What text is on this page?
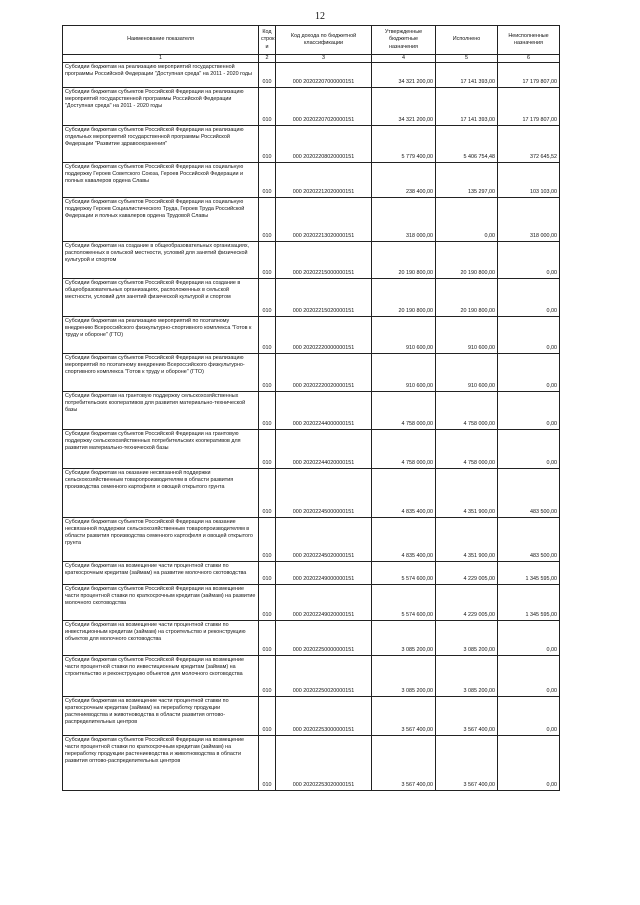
12
Наименование показателя	Код строк и	Код дохода по бюджетной классификации	Утвержденные бюджетные назначения	Исполнено	Неисполненные назначения
1	2	3	4	5	6
Субсидии бюджетам на реализацию мероприятий государственной программы Российской Федерации "Доступная среда" на 2011 - 2020 годы	010	000 20202207000000151	34 321 200,00	17 141 393,00	17 179 807,00
Субсидии бюджетам субъектов Российской Федерации на реализацию мероприятий государственной программы Российской Федерации "Доступная среда" на 2011 - 2020 годы	010	000 20202207020000151	34 321 200,00	17 141 393,00	17 179 807,00
Субсидии бюджетам субъектов Российской Федерации на реализацию отдельных мероприятий государственной программы Российской Федерации "Развитие здравоохранения"	010	000 20202208020000151	5 779 400,00	5 406 754,48	372 645,52
Субсидии бюджетам субъектов Российской Федерации на социальную поддержку Героев Советского Союза, Героев Российской Федерации и полных кавалеров ордена Славы	010	000 20202212020000151	238 400,00	135 297,00	103 103,00
Субсидии бюджетам субъектов Российской Федерации на социальную поддержку Героев Социалистического Труда, Героев Труда Российской Федерации и полных кавалеров ордена Трудовой Славы	010	000 20202213020000151	318 000,00	0,00	318 000,00
Субсидии бюджетам на создание в общеобразовательных организациях, расположенных в сельской местности, условий для занятий физической культурой и спортом	010	000 20202215000000151	20 190 800,00	20 190 800,00	0,00
Субсидии бюджетам субъектов Российской Федерации на создание в общеобразовательных организациях, расположенных в сельской местности, условий для занятий физической культурой и спортом	010	000 20202215020000151	20 190 800,00	20 190 800,00	0,00
Субсидии бюджетам на реализацию мероприятий по поэтапному внедрению Всероссийского физкультурно-спортивного комплекса "Готов к труду и обороне" (ГТО)	010	000 20202220000000151	910 600,00	910 600,00	0,00
Субсидии бюджетам субъектов Российской Федерации на реализацию мероприятий по поэтапному внедрению Всероссийского физкультурно-спортивного комплекса "Готов к труду и обороне" (ГТО)	010	000 20202220020000151	910 600,00	910 600,00	0,00
Субсидии бюджетам на грантовую поддержку сельскохозяйственных потребительских кооперативов для развития материально-технической базы	010	000 20202244000000151	4 758 000,00	4 758 000,00	0,00
Субсидии бюджетам субъектов Российской Федерации на грантовую поддержку сельскохозяйственных потребительских кооперативов для развития материально-технической базы	010	000 20202244020000151	4 758 000,00	4 758 000,00	0,00
Субсидии бюджетам на оказание несвязанной поддержки сельскохозяйственным товаропроизводителям в области развития производства семенного картофеля и овощей открытого грунта	010	000 20202245000000151	4 835 400,00	4 351 900,00	483 500,00
Субсидии бюджетам субъектов Российской Федерации на оказание несвязанной поддержки сельскохозяйственным товаропроизводителям в области развития производства семенного картофеля и овощей открытого грунта	010	000 20202245020000151	4 835 400,00	4 351 900,00	483 500,00
Субсидии бюджетам на возмещение части процентной ставки по краткосрочным кредитам (займам) на развитие молочного скотоводства	010	000 20202249000000151	5 574 600,00	4 229 005,00	1 345 595,00
Субсидии бюджетам субъектов Российской Федерации на возмещение части процентной ставки по краткосрочным кредитам (займам) на развитие молочного скотоводства	010	000 20202249020000151	5 574 600,00	4 229 005,00	1 345 595,00
Субсидии бюджетам на возмещение части процентной ставки по инвестиционным кредитам (займам) на строительство и реконструкцию объектов для молочного скотоводства	010	000 20202250000000151	3 085 200,00	3 085 200,00	0,00
Субсидии бюджетам субъектов Российской Федерации на возмещение части процентной ставки по инвестиционным кредитам (займам) на строительство и реконструкцию объектов для молочного скотоводства	010	000 20202250020000151	3 085 200,00	3 085 200,00	0,00
Субсидии бюджетам на возмещение части процентной ставки по краткосрочным кредитам (займам) на переработку продукции растениеводства и животноводства в области развития оптово-распределительных центров	010	000 20202253000000151	3 567 400,00	3 567 400,00	0,00
Субсидии бюджетам субъектов Российской Федерации на возмещение части процентной ставки по краткосрочным кредитам (займам) на переработку продукции растениеводства и животноводства в области развития оптово-распределительных центров	010	000 20202253020000151	3 567 400,00	3 567 400,00	0,00
